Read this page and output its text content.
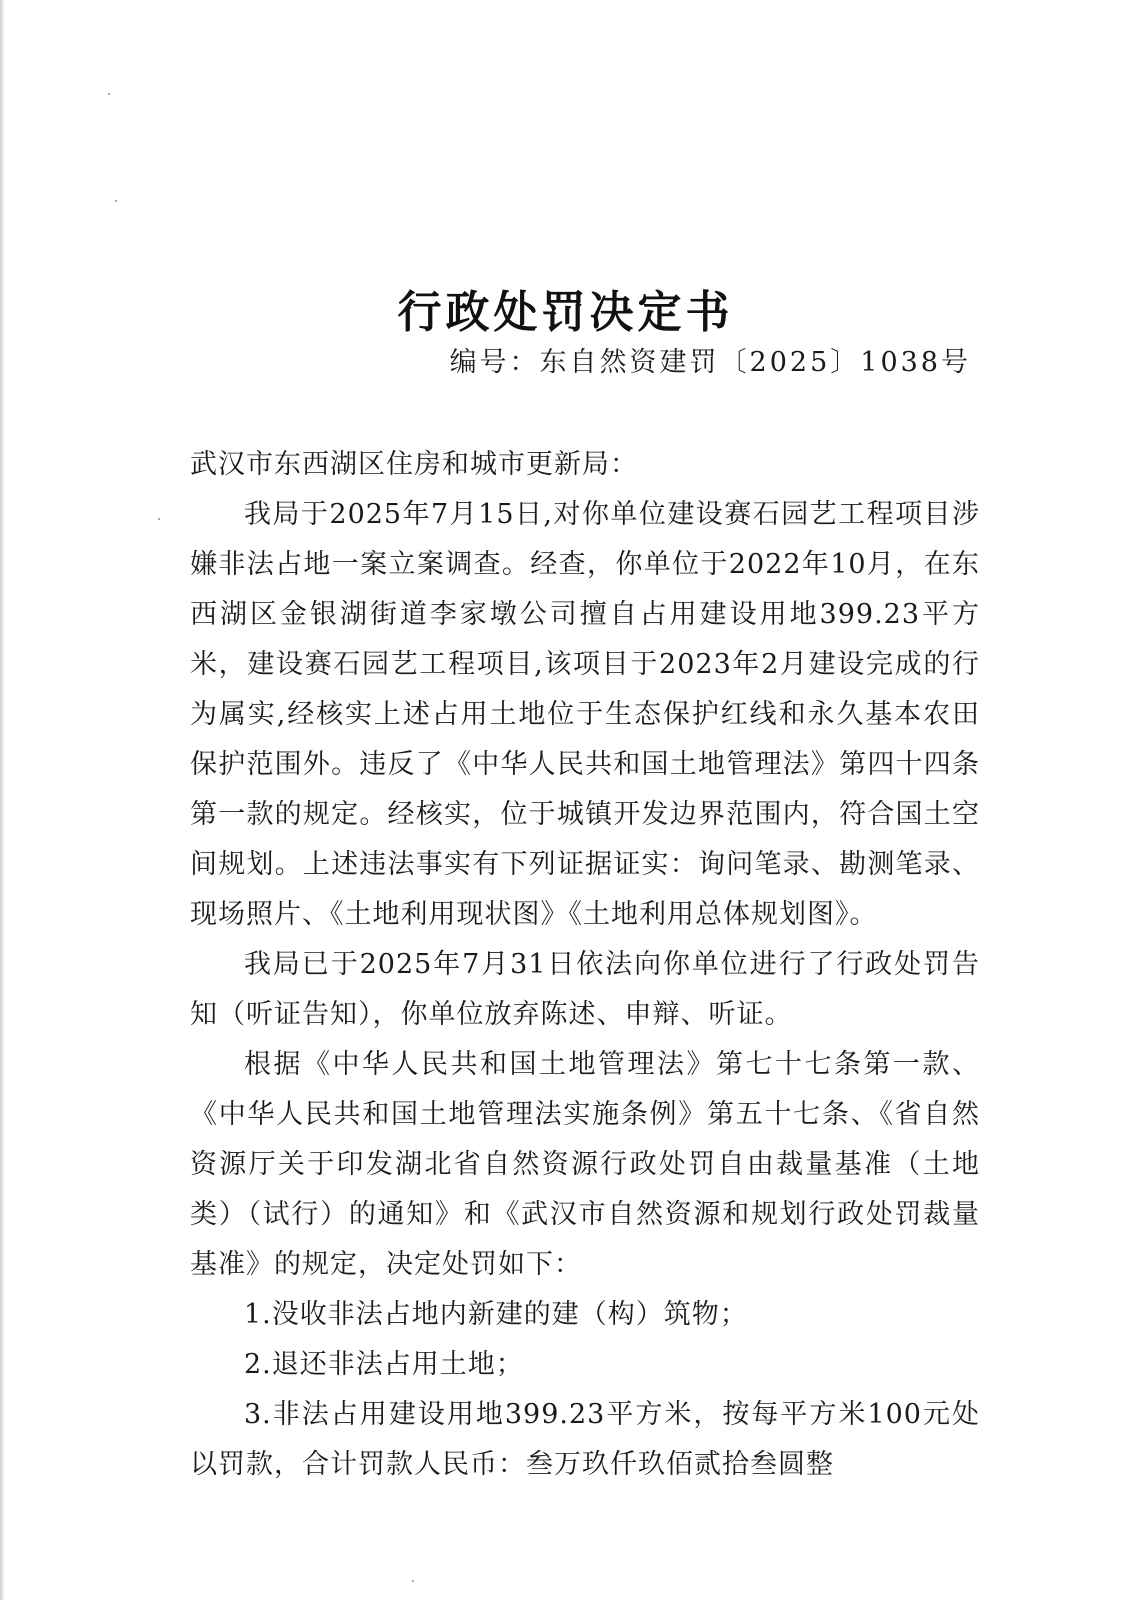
行政处罚决定书
编号：东自然资建罚〔2025〕1038号

武汉市东西湖区住房和城市更新局：

我局于2025年7月15日,对你单位建设赛石园艺工程项目涉嫌非法占地一案立案调查。经查，你单位于2022年10月，在东西湖区金银湖街道李家墩公司擅自占用建设用地399.23平方米，建设赛石园艺工程项目,该项目于2023年2月建设完成的行为属实,经核实上述占用土地位于生态保护红线和永久基本农田保护范围外。违反了《中华人民共和国土地管理法》第四十四条第一款的规定。经核实，位于城镇开发边界范围内，符合国土空间规划。上述违法事实有下列证据证实：询问笔录、勘测笔录、现场照片、《土地利用现状图》《土地利用总体规划图》。

我局已于2025年7月31日依法向你单位进行了行政处罚告知（听证告知），你单位放弃陈述、申辩、听证。

根据《中华人民共和国土地管理法》第七十七条第一款、《中华人民共和国土地管理法实施条例》第五十七条、《省自然资源厅关于印发湖北省自然资源行政处罚自由裁量基准（土地类）（试行）的通知》和《武汉市自然资源和规划行政处罚裁量基准》的规定，决定处罚如下：

1.没收非法占地内新建的建（构）筑物；

2.退还非法占用土地；

3.非法占用建设用地399.23平方米，按每平方米100元处以罚款，合计罚款人民币：叁万玖仟玖佰贰拾叁圆整
